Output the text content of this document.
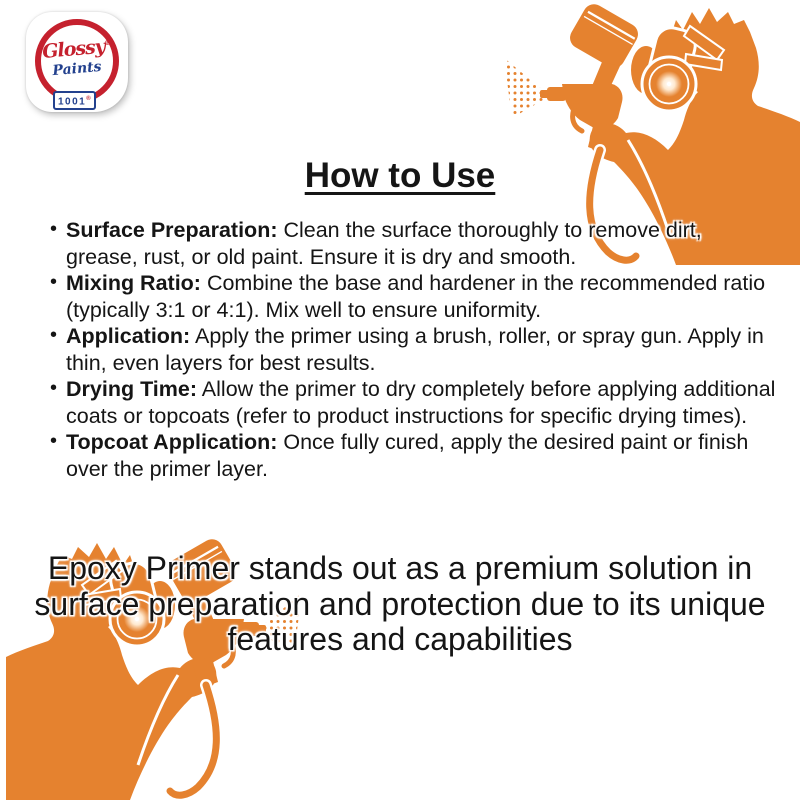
Glossy®
Paints
1001®
How to Use
• Surface Preparation: Clean the surface thoroughly to remove dirt, grease, rust, or old paint. Ensure it is dry and smooth.
• Mixing Ratio: Combine the base and hardener in the recommended ratio (typically 3:1 or 4:1). Mix well to ensure uniformity.
• Application: Apply the primer using a brush, roller, or spray gun. Apply in thin, even layers for best results.
• Drying Time: Allow the primer to dry completely before applying additional coats or topcoats (refer to product instructions for specific drying times).
• Topcoat Application: Once fully cured, apply the desired paint or finish over the primer layer.
Epoxy Primer stands out as a premium solution in
surface preparation and protection due to its unique
features and capabilities
